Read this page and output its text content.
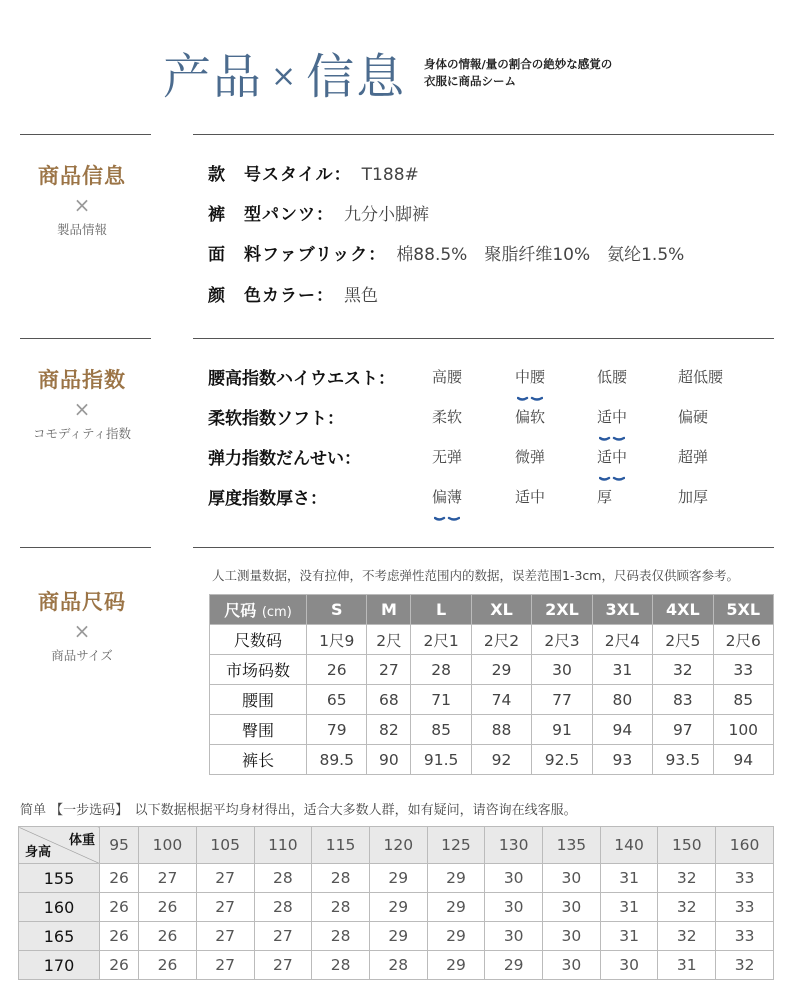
产品 × 信息 身体の情報/量の割合の絶妙な感覚の
衣服に商品シーム
商品信息
×
製品情報
款　号スタイル： T188#
裤　型パンツ： 九分小脚裤
面　料ファブリック： 棉88.5%　聚脂纤维10%　氨纶1.5%
颜　色カラー： 黑色
商品指数
×
コモディティ指数
腰高指数ハイウエスト： 高腰	中腰	低腰	超低腰
柔软指数ソフト：	柔软	偏软	适中	偏硬
弹力指数だんせい：	无弹	微弹	适中	超弹
厚度指数厚さ：	偏薄	适中	厚	加厚
商品尺码
×
商品サイズ
人工测量数据，没有拉伸，不考虑弹性范围内的数据，误差范围1-3cm，尺码表仅供顾客参考。
尺码 (cm)	S	M	L	XL	2XL	3XL	4XL	5XL
尺数码	1尺9	2尺	2尺1	2尺2	2尺3	2尺4	2尺5	2尺6
市场码数	26	27	28	29	30	31	32	33
腰围	65	68	71	74	77	80	83	85
臀围	79	82	85	88	91	94	97	100
裤长	89.5	90	91.5	92	92.5	93	93.5	94
简单 【一步选码】　以下数据根据平均身材得出，适合大多数人群，如有疑问，请咨询在线客服。
体重
身高	95	100	105	110	115	120	125	130	135	140	150	160
155	26	27	27	28	28	29	29	30	30	31	32	33
160	26	26	27	28	28	29	29	30	30	31	32	33
165	26	26	27	27	28	29	29	30	30	31	32	33
170	26	26	27	27	28	28	29	29	30	30	31	32
